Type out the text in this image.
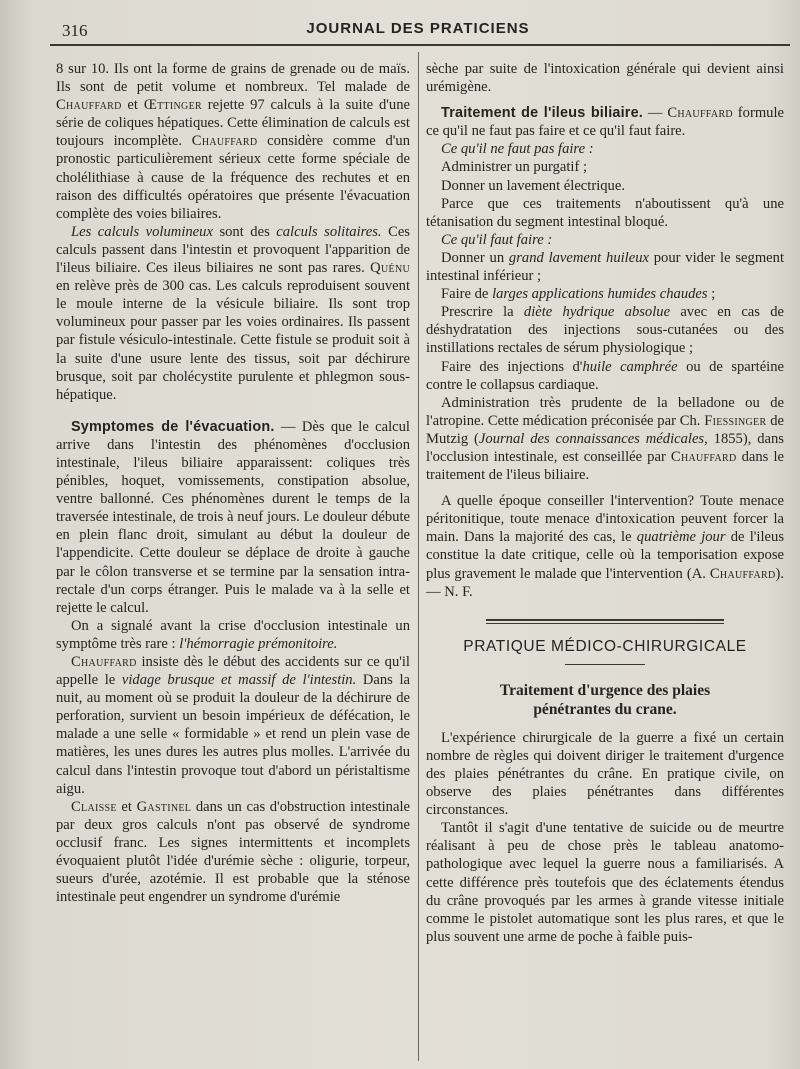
316	JOURNAL DES PRATICIENS

8 sur 10. Ils ont la forme de grains de grenade ou de maïs. Ils sont de petit volume et nombreux. Tel malade de Chauffard et Œttinger rejette 97 calculs à la suite d'une série de coliques hépatiques. Cette élimination de calculs est toujours incomplète. Chauffard considère comme d'un pronostic particulièrement sérieux cette forme spéciale de cholélithiase à cause de la fréquence des rechutes et en raison des difficultés opératoires que présente l'évacuation complète des voies biliaires.

Les calculs volumineux sont des calculs solitaires. Ces calculs passent dans l'intestin et provoquent l'apparition de l'ileus biliaire. Ces ileus biliaires ne sont pas rares. Quénu en relève près de 300 cas. Les calculs reproduisent souvent le moule interne de la vésicule biliaire. Ils sont trop volumineux pour passer par les voies ordinaires. Ils passent par fistule vésiculo-intestinale. Cette fistule se produit soit à la suite d'une usure lente des tissus, soit par déchirure brusque, soit par cholécystite purulente et phlegmon sous-hépatique.

Symptomes de l'évacuation. — Dès que le calcul arrive dans l'intestin des phénomènes d'occlusion intestinale, l'ileus biliaire apparaissent: coliques très pénibles, hoquet, vomissements, constipation absolue, ventre ballonné. Ces phénomènes durent le temps de la traversée intestinale, de trois à neuf jours. Le douleur débute en plein flanc droit, simulant au début la douleur de l'appendicite. Cette douleur se déplace de droite à gauche par le côlon transverse et se termine par la sensation intra-rectale d'un corps étranger. Puis le malade va à la selle et rejette le calcul.

On a signalé avant la crise d'occlusion intestinale un symptôme très rare : l'hémorragie prémonitoire.

Chauffard insiste dès le début des accidents sur ce qu'il appelle le vidage brusque et massif de l'intestin. Dans la nuit, au moment où se produit la douleur de la déchirure de perforation, survient un besoin impérieux de défécation, le malade a une selle « formidable » et rend un plein vase de matières, les unes dures les autres plus molles. L'arrivée du calcul dans l'intestin provoque tout d'abord un péristaltisme aigu.

Claisse et Gastinel dans un cas d'obstruction intestinale par deux gros calculs n'ont pas observé de syndrome occlusif franc. Les signes intermittents et incomplets évoquaient plutôt l'idée d'urémie sèche : oligurie, torpeur, sueurs d'urée, azotémie. Il est probable que la sténose intestinale peut engendrer un syndrome d'urémie

sèche par suite de l'intoxication générale qui devient ainsi urémigène.

Traitement de l'ileus biliaire. — Chauffard formule ce qu'il ne faut pas faire et ce qu'il faut faire.

Ce qu'il ne faut pas faire :

Administrer un purgatif ;

Donner un lavement électrique.

Parce que ces traitements n'aboutissent qu'à une tétanisation du segment intestinal bloqué.

Ce qu'il faut faire :

Donner un grand lavement huileux pour vider le segment intestinal inférieur ;

Faire de larges applications humides chaudes ;

Prescrire la diète hydrique absolue avec en cas de déshydratation des injections sous-cutanées ou des instillations rectales de sérum physiologique ;

Faire des injections d'huile camphrée ou de spartéine contre le collapsus cardiaque.

Administration très prudente de la belladone ou de l'atropine. Cette médication préconisée par Ch. Fiessinger de Mutzig (Journal des connaissances médicales, 1855), dans l'occlusion intestinale, est conseillée par Chauffard dans le traitement de l'ileus biliaire.

A quelle époque conseiller l'intervention? Toute menace péritonitique, toute menace d'intoxication peuvent forcer la main. Dans la majorité des cas, le quatrième jour de l'ileus constitue la date critique, celle où la temporisation expose plus gravement le malade que l'intervention (A. Chauffard). — N. F.

PRATIQUE MÉDICO-CHIRURGICALE
Traitement d'urgence des plaies
pénétrantes du crane.

L'expérience chirurgicale de la guerre a fixé un certain nombre de règles qui doivent diriger le traitement d'urgence des plaies pénétrantes du crâne. En pratique civile, on observe des plaies pénétrantes dans différentes circonstances.

Tantôt il s'agit d'une tentative de suicide ou de meurtre réalisant à peu de chose près le tableau anatomo-pathologique avec lequel la guerre nous a familiarisés. A cette différence près toutefois que des éclatements étendus du crâne provoqués par les armes à grande vitesse initiale comme le pistolet automatique sont les plus rares, et que le plus souvent une arme de poche à faible puis-
